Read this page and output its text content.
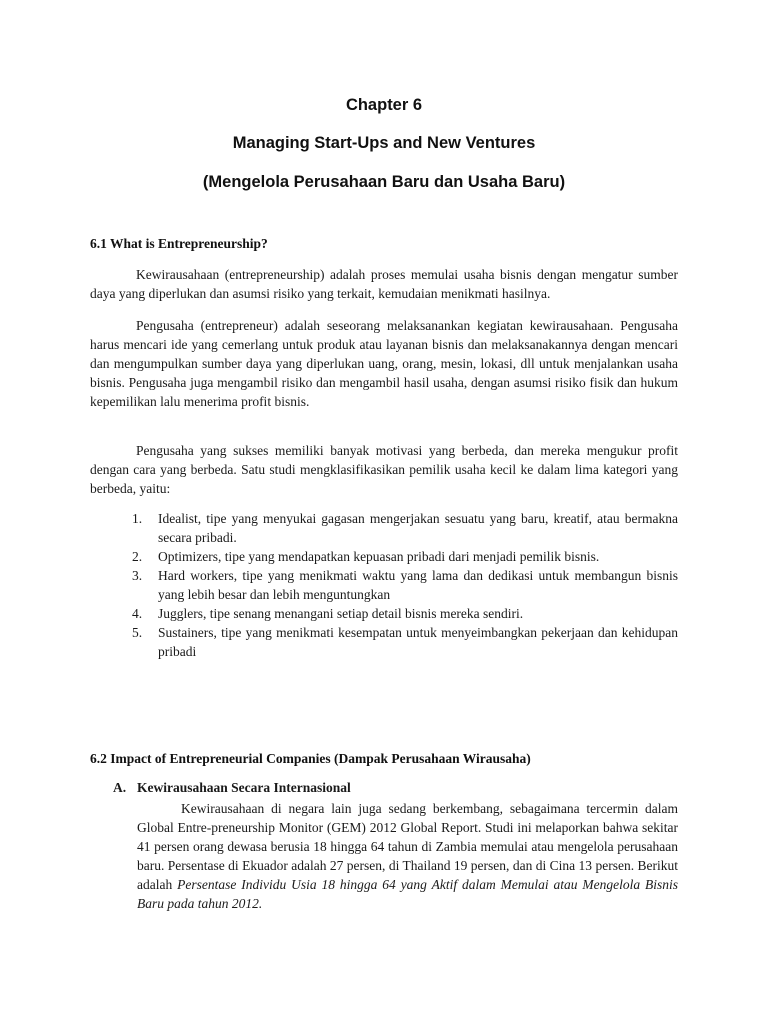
Chapter 6
Managing Start-Ups and New Ventures
(Mengelola Perusahaan Baru dan Usaha Baru)
6.1 What is Entrepreneurship?

Kewirausahaan (entrepreneurship) adalah proses memulai usaha bisnis dengan mengatur sumber daya yang diperlukan dan asumsi risiko yang terkait, kemudaian menikmati hasilnya.

Pengusaha (entrepreneur) adalah seseorang melaksanankan kegiatan kewirausahaan. Pengusaha harus mencari ide yang cemerlang untuk produk atau layanan bisnis dan melaksanakannya dengan mencari dan mengumpulkan sumber daya yang diperlukan uang, orang, mesin, lokasi, dll untuk menjalankan usaha bisnis. Pengusaha juga mengambil risiko dan mengambil hasil usaha, dengan asumsi risiko fisik dan hukum kepemilikan lalu menerima profit bisnis.

Pengusaha yang sukses memiliki banyak motivasi yang berbeda, dan mereka mengukur profit dengan cara yang berbeda. Satu studi mengklasifikasikan pemilik usaha kecil ke dalam lima kategori yang berbeda, yaitu:

1. Idealist, tipe yang menyukai gagasan mengerjakan sesuatu yang baru, kreatif, atau bermakna secara pribadi.
2. Optimizers, tipe yang mendapatkan kepuasan pribadi dari menjadi pemilik bisnis.
3. Hard workers, tipe yang menikmati waktu yang lama dan dedikasi untuk membangun bisnis yang lebih besar dan lebih menguntungkan
4. Jugglers, tipe senang menangani setiap detail bisnis mereka sendiri.
5. Sustainers, tipe yang menikmati kesempatan untuk menyeimbangkan pekerjaan dan kehidupan pribadi
6.2 Impact of Entrepreneurial Companies (Dampak Perusahaan Wirausaha)
A. Kewirausahaan Secara Internasional

Kewirausahaan di negara lain juga sedang berkembang, sebagaimana tercermin dalam Global Entre-preneurship Monitor (GEM) 2012 Global Report. Studi ini melaporkan bahwa sekitar 41 persen orang dewasa berusia 18 hingga 64 tahun di Zambia memulai atau mengelola perusahaan baru. Persentase di Ekuador adalah 27 persen, di Thailand 19 persen, dan di Cina 13 persen. Berikut adalah Persentase Individu Usia 18 hingga 64 yang Aktif dalam Memulai atau Mengelola Bisnis Baru pada tahun 2012.
